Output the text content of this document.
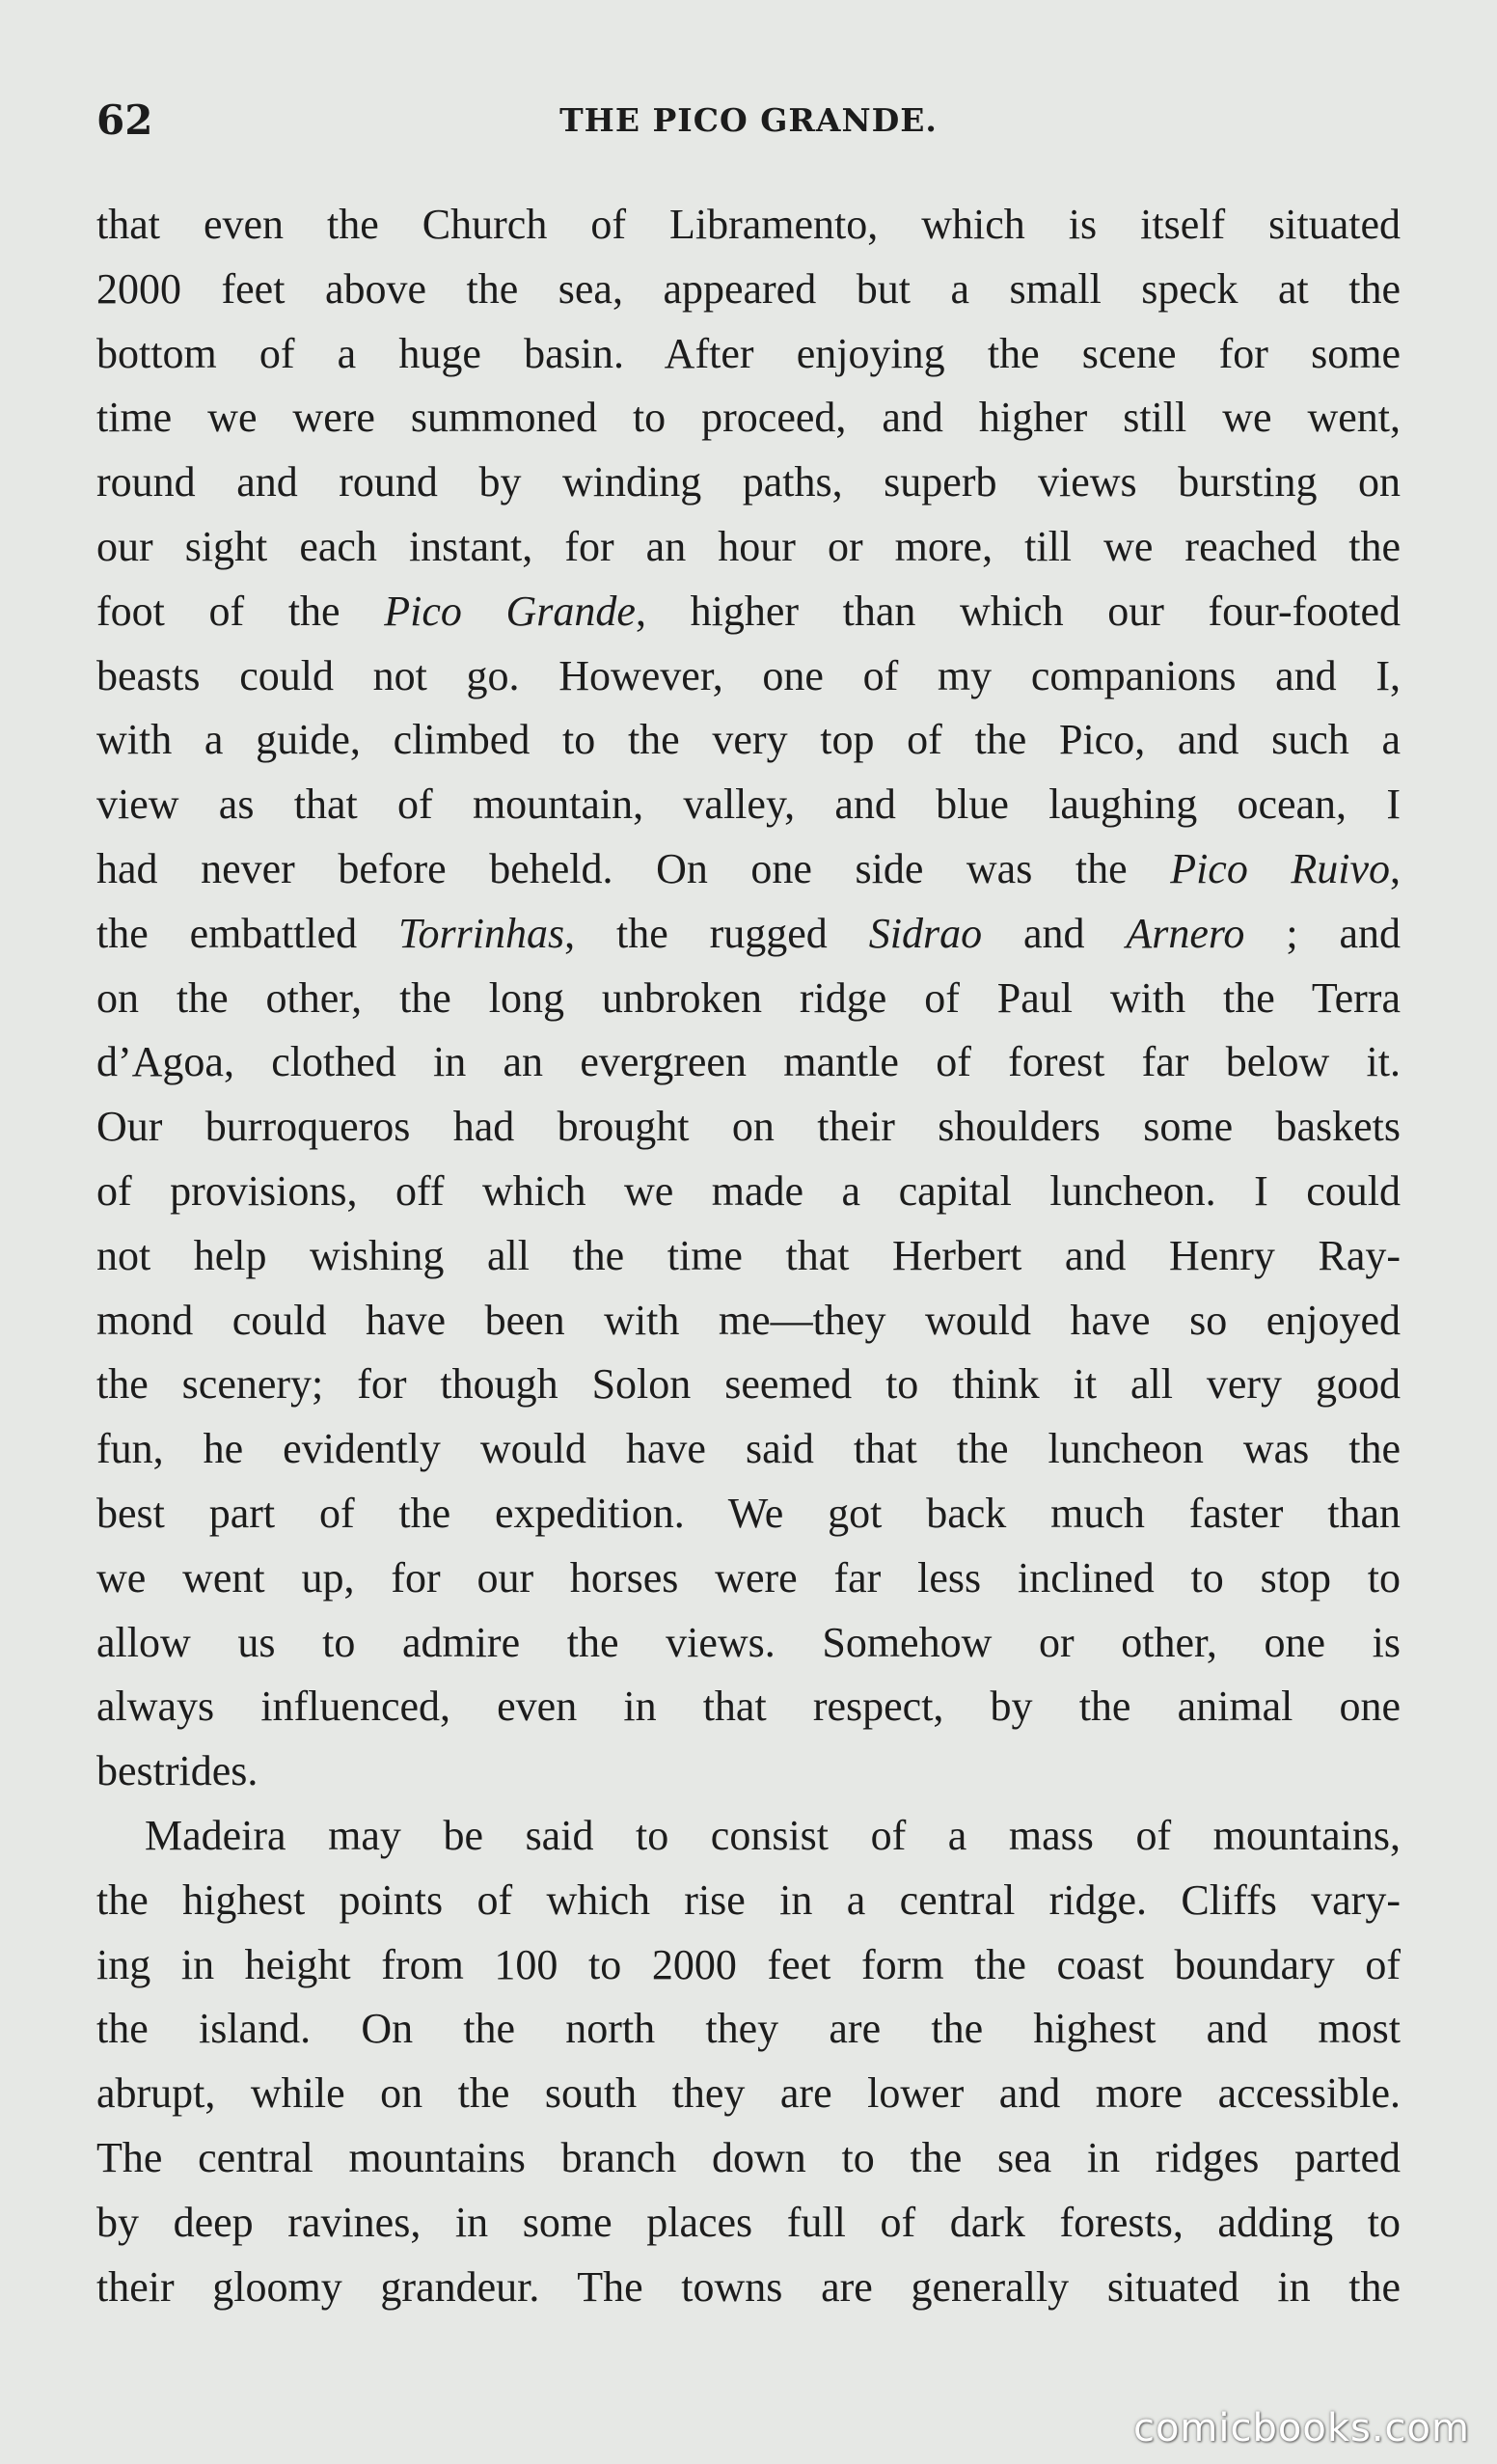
62	THE PICO GRANDE.
that even the Church of Libramento, which is itself situated
2000 feet above the sea, appeared but a small speck at the
bottom of a huge basin. After enjoying the scene for some
time we were summoned to proceed, and higher still we went,
round and round by winding paths, superb views bursting on
our sight each instant, for an hour or more, till we reached the
foot of the Pico Grande, higher than which our four-footed
beasts could not go. However, one of my companions and I,
with a guide, climbed to the very top of the Pico, and such a
view as that of mountain, valley, and blue laughing ocean, I
had never before beheld. On one side was the Pico Ruivo,
the embattled Torrinhas, the rugged Sidrao and Arnero ; and
on the other, the long unbroken ridge of Paul with the Terra
d’Agoa, clothed in an evergreen mantle of forest far below it.
Our burroqueros had brought on their shoulders some baskets
of provisions, off which we made a capital luncheon. I could
not help wishing all the time that Herbert and Henry Ray-
mond could have been with me—they would have so enjoyed
the scenery; for though Solon seemed to think it all very good
fun, he evidently would have said that the luncheon was the
best part of the expedition. We got back much faster than
we went up, for our horses were far less inclined to stop to
allow us to admire the views. Somehow or other, one is
always influenced, even in that respect, by the animal one
bestrides.
Madeira may be said to consist of a mass of mountains,
the highest points of which rise in a central ridge. Cliffs vary-
ing in height from 100 to 2000 feet form the coast boundary of
the island. On the north they are the highest and most
abrupt, while on the south they are lower and more accessible.
The central mountains branch down to the sea in ridges parted
by deep ravines, in some places full of dark forests, adding to
their gloomy grandeur. The towns are generally situated in the
comicbooks.com
